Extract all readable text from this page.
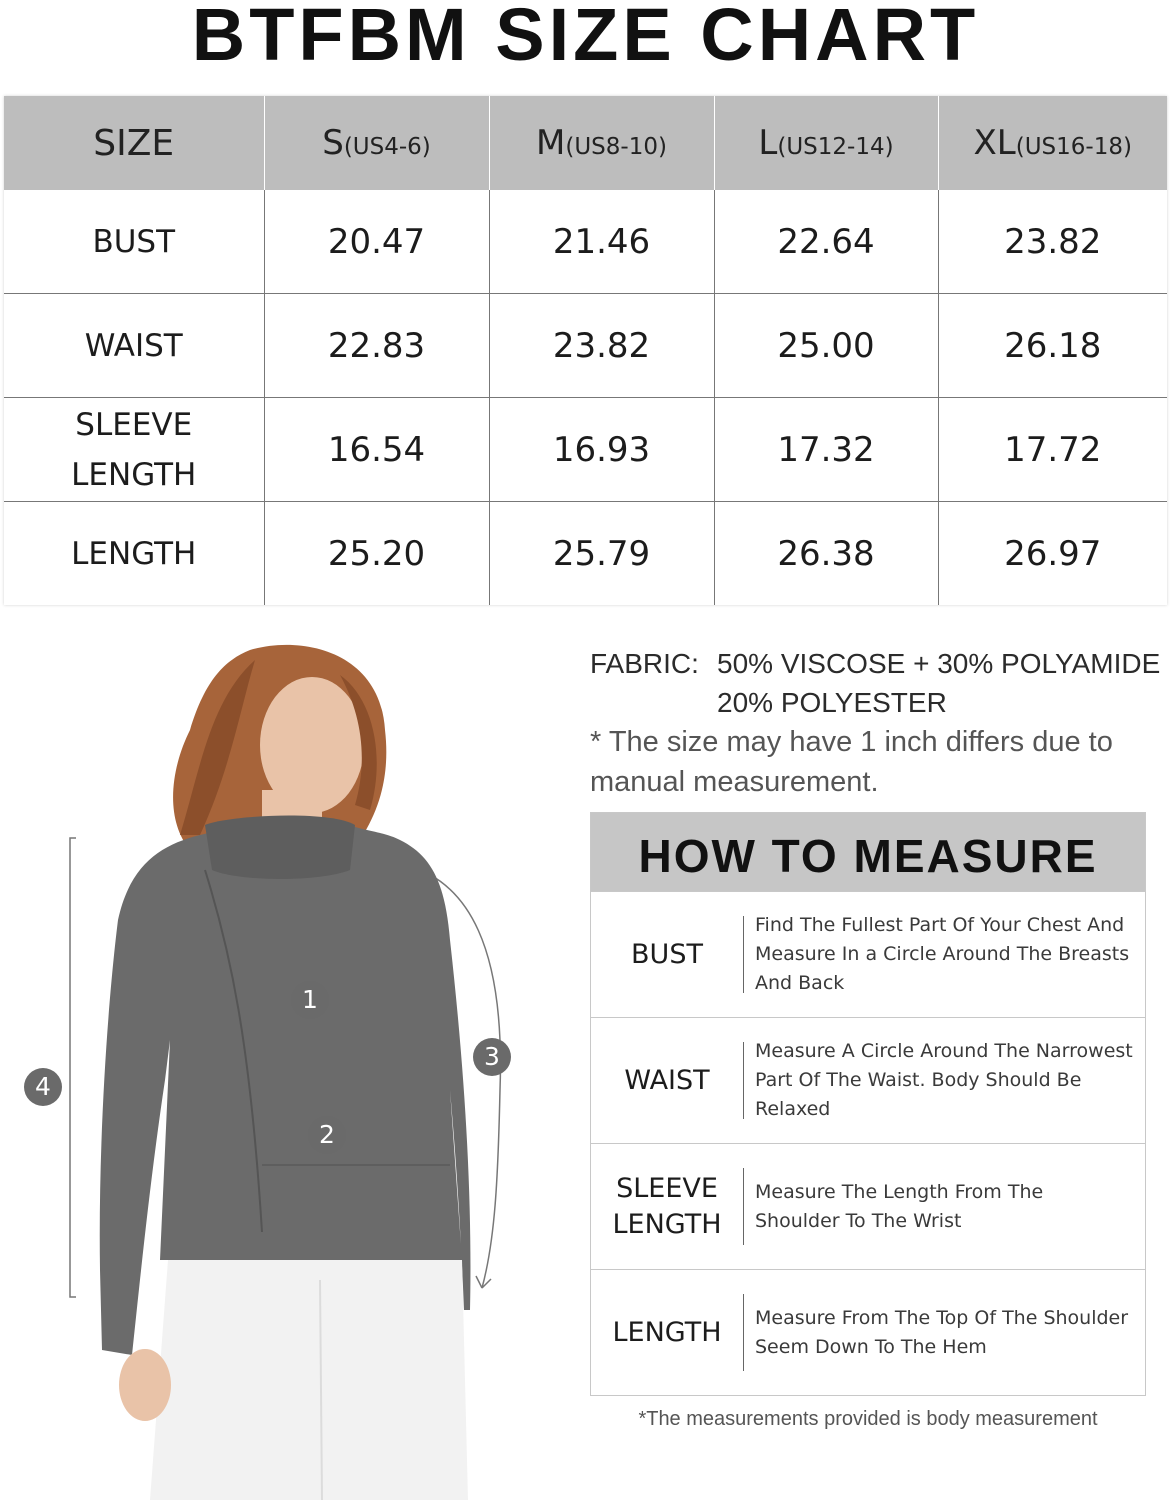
BTFBM SIZE CHART
SIZE	S(US4-6)	M(US8-10)	L(US12-14)	XL(US16-18)
BUST	20.47	21.46	22.64	23.82
WAIST	22.83	23.82	25.00	26.18

SLEEVE
LENGTH	16.54	16.93	17.32	17.72
LENGTH	25.20	25.79	26.38	26.97
1
2
3
4
FABRIC: 50% VISCOSE + 30% POLYAMIDE
20% POLYESTER
* The size may have 1 inch differs due to manual measurement.
HOW TO MEASURE
BUST
Find The Fullest Part Of Your Chest And Measure In a Circle Around The Breasts And Back
WAIST
Measure A Circle Around The Narrowest Part Of The Waist. Body Should Be Relaxed
SLEEVE
LENGTH
Measure The Length From The Shoulder To The Wrist
LENGTH Measure From The Top Of The Shoulder Seem Down To The Hem
*The measurements provided is body measurement
